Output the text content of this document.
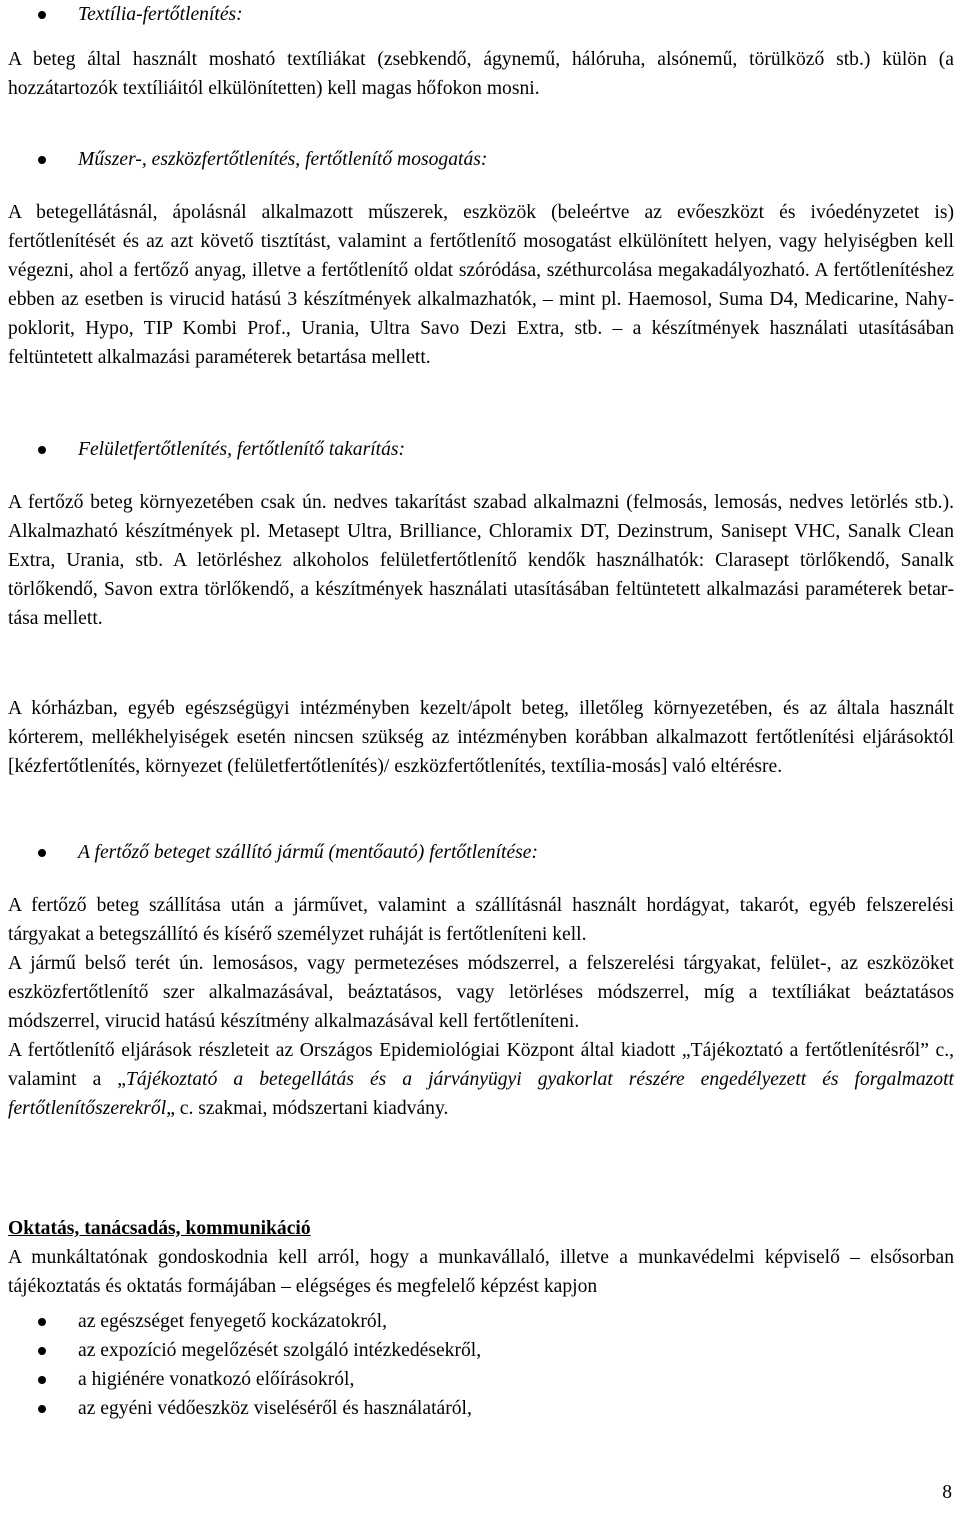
Textília-fertőtlenítés:

A beteg által használt mosható textíliákat (zsebkendő, ágynemű, hálóruha, alsónemű, törülköző stb.) külön (a hozzátartozók textíliáitól elkülönítetten) kell magas hőfokon mosni.

Műszer-, eszközfertőtlenítés, fertőtlenítő mosogatás:

A betegellátásnál, ápolásnál alkalmazott műszerek, eszközök (beleértve az evőeszközt és ivóedényzetet is) fertőtlenítését és az azt követő tisztítást, valamint a fertőtlenítő mosogatást elkülönített helyen, vagy helyiségben kell végezni, ahol a fertőző anyag, illetve a fertőtlenítő oldat szóródása, széthurcolása megakadályozható. A fertőtlenítéshez ebben az esetben is virucid hatású 3 készítmények alkalmazhatók, – mint pl. Haemosol, Suma D4, Medicarine, Nahypoklorit, Hypo, TIP Kombi Prof., Urania, Ultra Savo Dezi Extra, stb. – a készítmények használati utasításában feltüntetett alkalmazási paraméterek betartása mellett.

Felületfertőtlenítés, fertőtlenítő takarítás:

A fertőző beteg környezetében csak ún. nedves takarítást szabad alkalmazni (felmosás, lemosás, nedves letörlés stb.). Alkalmazható készítmények pl. Metasept Ultra, Brilliance, Chloramix DT, Dezinstrum, Sanisept VHC, Sanalk Clean Extra, Urania, stb. A letörléshez alkoholos felületfertőtlenítő kendők használhatók: Clarasept törlőkendő, Sanalk törlőkendő, Savon extra törlőkendő, a készítmények használati utasításában feltüntetett alkalmazási paraméterek betartása mellett.

A kórházban, egyéb egészségügyi intézményben kezelt/ápolt beteg, illetőleg környezetében, és az általa használt kórterem, mellékhelyiségek esetén nincsen szükség az intézményben korábban alkalmazott fertőtlenítési eljárásoktól [kézfertőtlenítés, környezet (felületfertőtlenítés)/ eszközfertőtlenítés, textília-mosás] való eltérésre.

A fertőző beteget szállító jármű (mentőautó) fertőtlenítése:

A fertőző beteg szállítása után a járművet, valamint a szállításnál használt hordágyat, takarót, egyéb felszerelési tárgyakat a betegszállító és kísérő személyzet ruháját is fertőtleníteni kell.

A jármű belső terét ún. lemosásos, vagy permetezéses módszerrel, a felszerelési tárgyakat, felület-, az eszközöket eszközfertőtlenítő szer alkalmazásával, beáztatásos, vagy letörléses módszerrel, míg a textíliákat beáztatásos módszerrel, virucid hatású készítmény alkalmazásával kell fertőtleníteni.

A fertőtlenítő eljárások részleteit az Országos Epidemiológiai Központ által kiadott „Tájékoztató a fertőtlenítésről” c., valamint a „Tájékoztató a betegellátás és a járványügyi gyakorlat részére engedélyezett és forgalmazott fertőtlenítőszerekről„ c. szakmai, módszertani kiadvány.

Oktatás, tanácsadás, kommunikáció

A munkáltatónak gondoskodnia kell arról, hogy a munkavállaló, illetve a munkavédelmi képviselő – elsősorban tájékoztatás és oktatás formájában – elégséges és megfelelő képzést kapjon

az egészséget fenyegető kockázatokról,
az expozíció megelőzését szolgáló intézkedésekről,
a higiénére vonatkozó előírásokról,
az egyéni védőeszköz viseléséről és használatáról,
8
